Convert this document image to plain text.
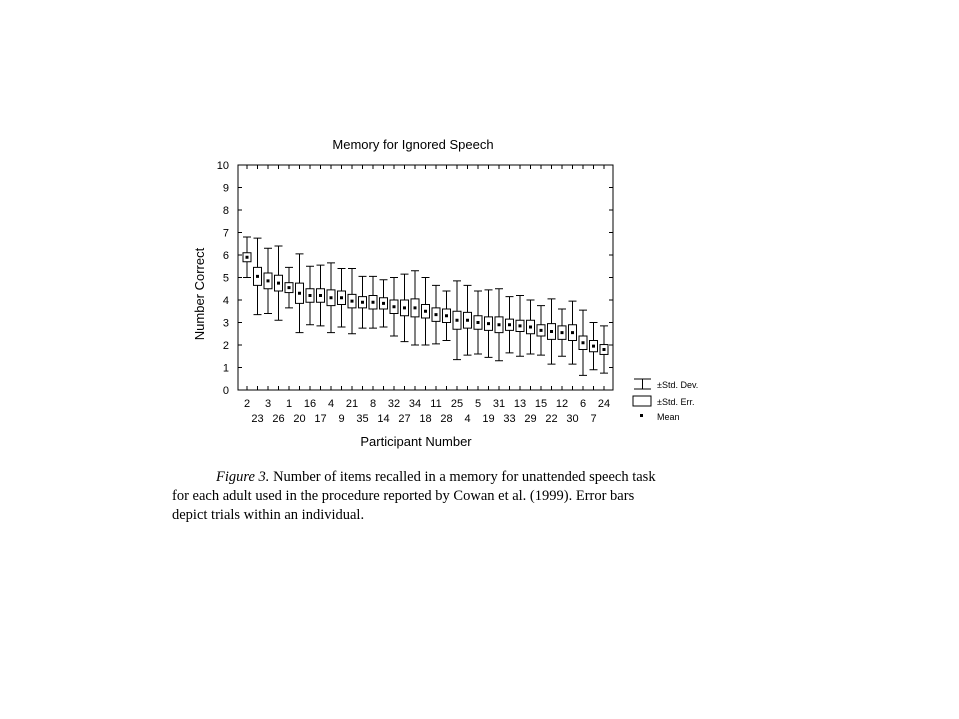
Memory for Ignored Speech
Number Correct
Participant Number
0
1
2
3
4
5
6
7
8
9
10
2 3 1 16 4 21 8 32 34 11 25 5 31 13 15 12 6 24
23 26 20 17 9 35 14 27 18 28 4 19 33 29 22 30 7
±Std. Dev.
±Std. Err.
Mean
Figure 3. Number of items recalled in a memory for unattended speech task
for each adult used in the procedure reported by Cowan et al. (1999). Error bars
depict trials within an individual.
